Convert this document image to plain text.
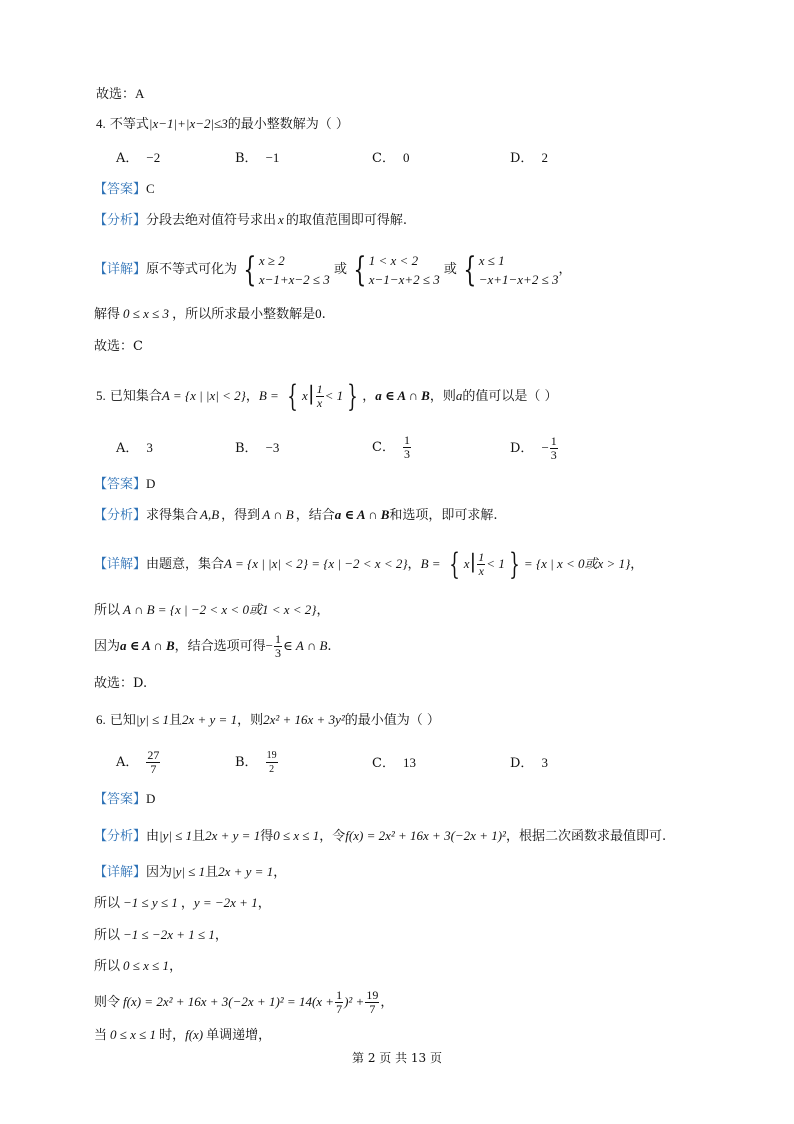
故选：A
4. 不等式|x−1|+|x−2|≤3的最小整数解为（ ）
A． −2	B． −1	C． 0	D． 2
【答案】C
【分析】分段去绝对值符号求出 x 的取值范围即可得解.
【详解】原不等式可化为 { x ≥ 2
x−1+x−2 ≤ 3
或 { 1 < x < 2
x−1−x+2 ≤ 3
或 { x ≤ 1
−x+1−x+2 ≤ 3
，
解得 0 ≤ x ≤ 3 ，所以所求最小整数解是0.
故选：C
5. 已知集合A = {x | |x| < 2}，B = { $x| \frac{1}{x} < 1$ } ，a ∈ A ∩ B，则a的值可以是（ ）
A． 3	B． −3	C． $\frac{1}{3}$	D． − $\frac{1}{3}$
【答案】D
【分析】求得集合 A,B ，得到 A ∩ B ，结合a ∈ A ∩ B和选项，即可求解.
【详解】由题意，集合A = {x | |x| < 2} = {x | −2 < x < 2}，B = { $x| \frac{1}{x} < 1$ } = {x | x < 0或x > 1}，
所以 A ∩ B = {x | −2 < x < 0或1 < x < 2}，
因为a ∈ A ∩ B，结合选项可得− $\frac{1}{3}$ ∈ A ∩ B.
故选：D.
6. 已知|y| ≤ 1且2x + y = 1，则2x² + 16x + 3y²的最小值为（ ）
A． $\frac{27}{7}$	B． $\frac{19}{2}$	C． 13	D． 3
【答案】D
【分析】由|y| ≤ 1且2x + y = 1得0 ≤ x ≤ 1，令f(x) = 2x² + 16x + 3(−2x + 1)²，根据二次函数求最值即可.
【详解】因为|y| ≤ 1且2x + y = 1，
所以 −1 ≤ y ≤ 1 ，y = −2x + 1，
所以 −1 ≤ −2x + 1 ≤ 1，
所以 0 ≤ x ≤ 1，
则令 $f(x) = 2x^2 + 16x + 3(-2x + 1)^2 = 14(x + \frac{1}{7} )^2 + \frac{19}{7}$ ，
当 0 ≤ x ≤ 1 时，f(x) 单调递增，
第 2 页 共 13 页
